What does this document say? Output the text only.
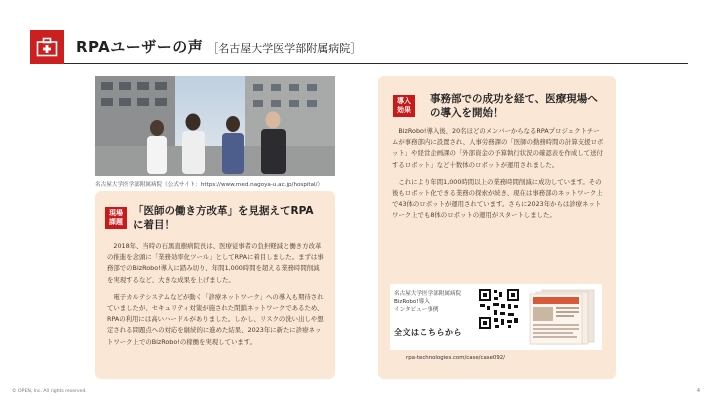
RPAユーザーの声 ［名古屋大学医学部附属病院］
名古屋大学医学部附属病院（公式サイト：https://www.med.nagoya-u.ac.jp/hospital/）
現場課題
「医師の働き方改革」を見据えてRPAに着目！

2018年、当時の石黒直樹病院長は、医療従事者の負担軽減と働き方改革の推進を念頭に「業務効率化ツール」としてRPAに着目しました。まずは事務部でのBizRobo!導入に踏み切り、年間1,000時間を超える業務時間削減を実現するなど、大きな成果を上げました。

電子カルテシステムなどが動く「診療ネットワーク」への導入も期待されていましたが、セキュリティ対策が施された閉鎖ネットワークであるため、RPAの利用には高いハードルがありました。しかし、リスクの洗い出しや想定される問題点への対応を継続的に進めた結果、2023年に新たに診療ネットワーク上でのBizRobo!の稼働を実現しています。

導入効果
事務部での成功を経て、医療現場への導入を開始！

BizRobo!導入後、20名ほどのメンバーからなるRPAプロジェクトチームが事務部内に設置され、人事労務課の「医師の勤務時間の計算支援ロボット」や経営企画課の「外部資金の予算執行状況の確認表を作成して送付するロボット」など十数体のロボットが運用されました。

これにより年間1,000時間以上の業務時間削減に成功しています。その後もロボット化できる業務の探索が続き、現在は事務部のネットワーク上で43体のロボットが運用されています。さらに2023年からは診療ネットワーク上でも8体のロボットの運用がスタートしました。

名古屋大学医学部附属病院
BizRobo!導入
インタビュー事例
全文はこちらから
rpa-technologies.com/case/case092/
© OPEN, Inc. All rights reserved.	4
